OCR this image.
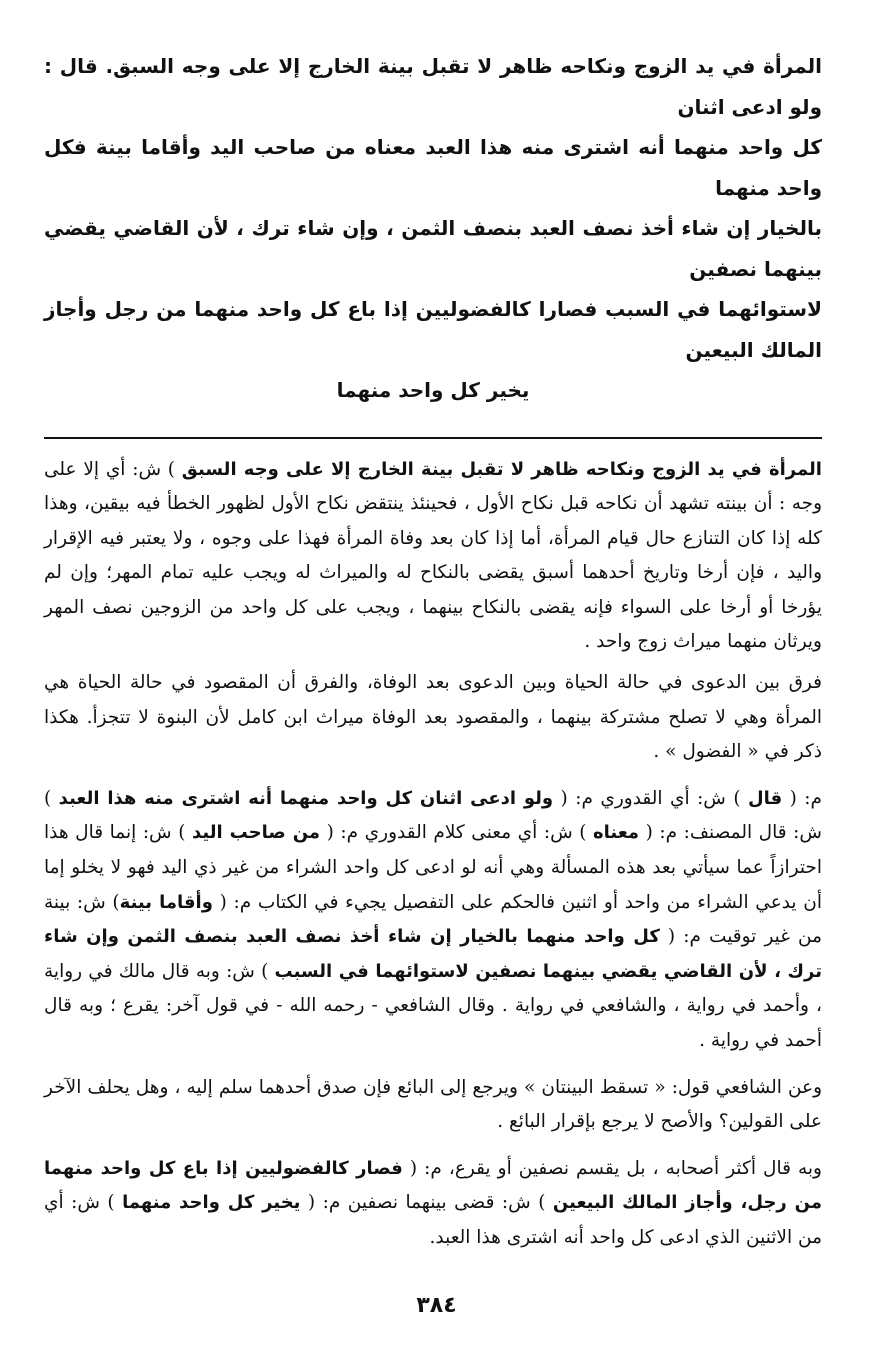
المرأة في يد الزوج ونكاحه ظاهر لا تقبل بينة الخارج إلا على وجه السبق. قال : ولو ادعى اثنان

كل واحد منهما أنه اشترى منه هذا العبد معناه من صاحب اليد وأقاما بينة فكل واحد منهما

بالخيار إن شاء أخذ نصف العبد بنصف الثمن ، وإن شاء ترك ، لأن القاضي يقضي بينهما نصفين

لاستوائهما في السبب فصارا كالفضوليين إذا باع كل واحد منهما من رجل وأجاز المالك البيعين

يخير كل واحد منهما

المرأة في يد الزوج ونكاحه ظاهر لا تقبل بينة الخارج إلا على وجه السبق ) ش: أي إلا على وجه : أن بينته تشهد أن نكاحه قبل نكاح الأول ، فحينئذ ينتقض نكاح الأول لظهور الخطأ فيه بيقين، وهذا كله إذا كان التنازع حال قيام المرأة، أما إذا كان بعد وفاة المرأة فهذا على وجوه ، ولا يعتبر فيه الإقرار واليد ، فإن أرخا وتاريخ أحدهما أسبق يقضى بالنكاح له والميراث له ويجب عليه تمام المهر؛ وإن لم يؤرخا أو أرخا على السواء فإنه يقضى بالنكاح بينهما ، ويجب على كل واحد من الزوجين نصف المهر ويرثان منهما ميراث زوج واحد .

فرق بين الدعوى في حالة الحياة وبين الدعوى بعد الوفاة، والفرق أن المقصود في حالة الحياة هي المرأة وهي لا تصلح مشتركة بينهما ، والمقصود بعد الوفاة ميراث ابن كامل لأن البنوة لا تتجزأ. هكذا ذكر في « الفضول » .

م: ( قال ) ش: أي القدوري م: ( ولو ادعى اثنان كل واحد منهما أنه اشترى منه هذا العبد ) ش: قال المصنف: م: ( معناه ) ش: أي معنى كلام القدوري م: ( من صاحب اليد ) ش: إنما قال هذا احترازاً عما سيأتي بعد هذه المسألة وهي أنه لو ادعى كل واحد الشراء من غير ذي اليد فهو لا يخلو إما أن يدعي الشراء من واحد أو اثنين فالحكم على التفصيل يجيء في الكتاب م: ( وأقاما بينة) ش: بينة من غير توقيت م: ( كل واحد منهما بالخيار إن شاء أخذ نصف العبد بنصف الثمن وإن شاء ترك ، لأن القاضي يقضي بينهما نصفين لاستوائهما في السبب ) ش: وبه قال مالك في رواية ، وأحمد في رواية ، والشافعي في رواية . وقال الشافعي - رحمه الله - في قول آخر: يقرع ؛ وبه قال أحمد في رواية .

وعن الشافعي قول: « تسقط البينتان » ويرجع إلى البائع فإن صدق أحدهما سلم إليه ، وهل يحلف الآخر على القولين؟ والأصح لا يرجع بإقرار البائع .

وبه قال أكثر أصحابه ، بل يقسم نصفين أو يقرع، م: ( فصار كالفضوليين إذا باع كل واحد منهما من رجل، وأجاز المالك البيعين ) ش: قضى بينهما نصفين م: ( يخير كل واحد منهما ) ش: أي من الاثنين الذي ادعى كل واحد أنه اشترى هذا العبد.

٣٨٤
